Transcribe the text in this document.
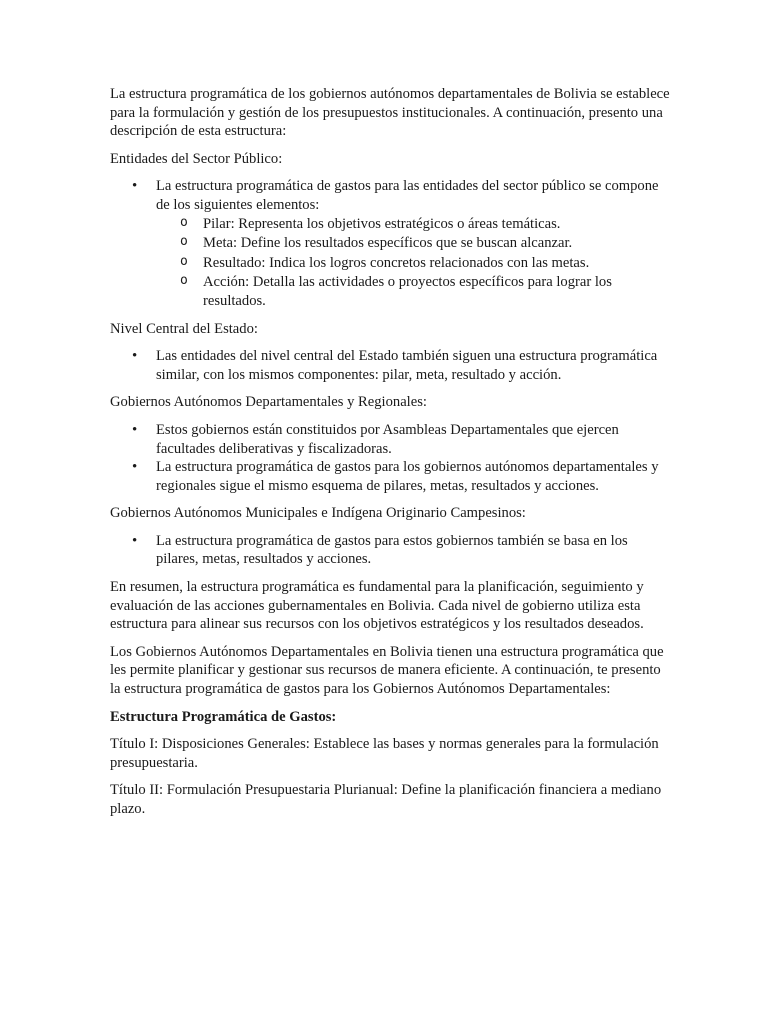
La estructura programática de los gobiernos autónomos departamentales de Bolivia se establece para la formulación y gestión de los presupuestos institucionales. A continuación, presento una descripción de esta estructura:

Entidades del Sector Público:

• La estructura programática de gastos para las entidades del sector público se compone de los siguientes elementos:
o Pilar: Representa los objetivos estratégicos o áreas temáticas.
o Meta: Define los resultados específicos que se buscan alcanzar.
o Resultado: Indica los logros concretos relacionados con las metas.
o Acción: Detalla las actividades o proyectos específicos para lograr los resultados.

Nivel Central del Estado:

• Las entidades del nivel central del Estado también siguen una estructura programática similar, con los mismos componentes: pilar, meta, resultado y acción.

Gobiernos Autónomos Departamentales y Regionales:

• Estos gobiernos están constituidos por Asambleas Departamentales que ejercen facultades deliberativas y fiscalizadoras.
• La estructura programática de gastos para los gobiernos autónomos departamentales y regionales sigue el mismo esquema de pilares, metas, resultados y acciones.

Gobiernos Autónomos Municipales e Indígena Originario Campesinos:

• La estructura programática de gastos para estos gobiernos también se basa en los pilares, metas, resultados y acciones.

En resumen, la estructura programática es fundamental para la planificación, seguimiento y evaluación de las acciones gubernamentales en Bolivia. Cada nivel de gobierno utiliza esta estructura para alinear sus recursos con los objetivos estratégicos y los resultados deseados.

Los Gobiernos Autónomos Departamentales en Bolivia tienen una estructura programática que les permite planificar y gestionar sus recursos de manera eficiente. A continuación, te presento la estructura programática de gastos para los Gobiernos Autónomos Departamentales:

Estructura Programática de Gastos:

Título I: Disposiciones Generales: Establece las bases y normas generales para la formulación presupuestaria.

Título II: Formulación Presupuestaria Plurianual: Define la planificación financiera a mediano plazo.
